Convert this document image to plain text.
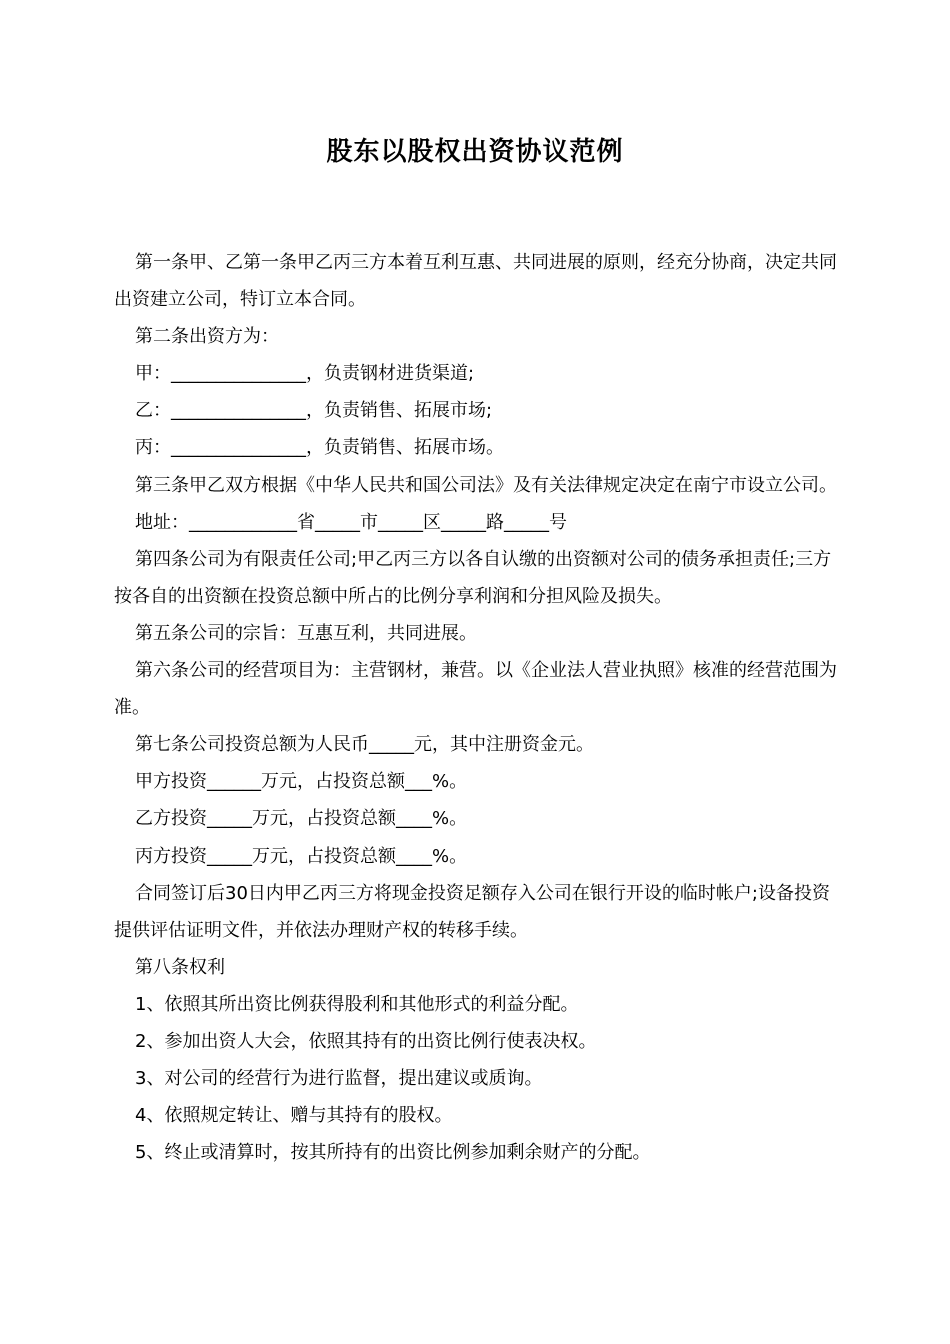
股东以股权出资协议范例

第一条甲、乙第一条甲乙丙三方本着互利互惠、共同进展的原则，经充分协商，决定共同出资建立公司，特订立本合同。

第二条出资方为：

甲：_______________，负责钢材进货渠道;

乙：_______________，负责销售、拓展市场;

丙：_______________，负责销售、拓展市场。

第三条甲乙双方根据《中华人民共和国公司法》及有关法律规定决定在南宁市设立公司。

地址：____________省_____市_____区_____路_____号

第四条公司为有限责任公司;甲乙丙三方以各自认缴的出资额对公司的债务承担责任;三方按各自的出资额在投资总额中所占的比例分享利润和分担风险及损失。

第五条公司的宗旨：互惠互利，共同进展。

第六条公司的经营项目为：主营钢材，兼营。以《企业法人营业执照》核准的经营范围为准。

第七条公司投资总额为人民币_____元，其中注册资金元。

甲方投资______万元，占投资总额___%。

乙方投资_____万元，占投资总额____%。

丙方投资_____万元，占投资总额____%。

合同签订后30日内甲乙丙三方将现金投资足额存入公司在银行开设的临时帐户;设备投资提供评估证明文件，并依法办理财产权的转移手续。

第八条权利

1、依照其所出资比例获得股利和其他形式的利益分配。

2、参加出资人大会，依照其持有的出资比例行使表决权。

3、对公司的经营行为进行监督，提出建议或质询。

4、依照规定转让、赠与其持有的股权。

5、终止或清算时，按其所持有的出资比例参加剩余财产的分配。
